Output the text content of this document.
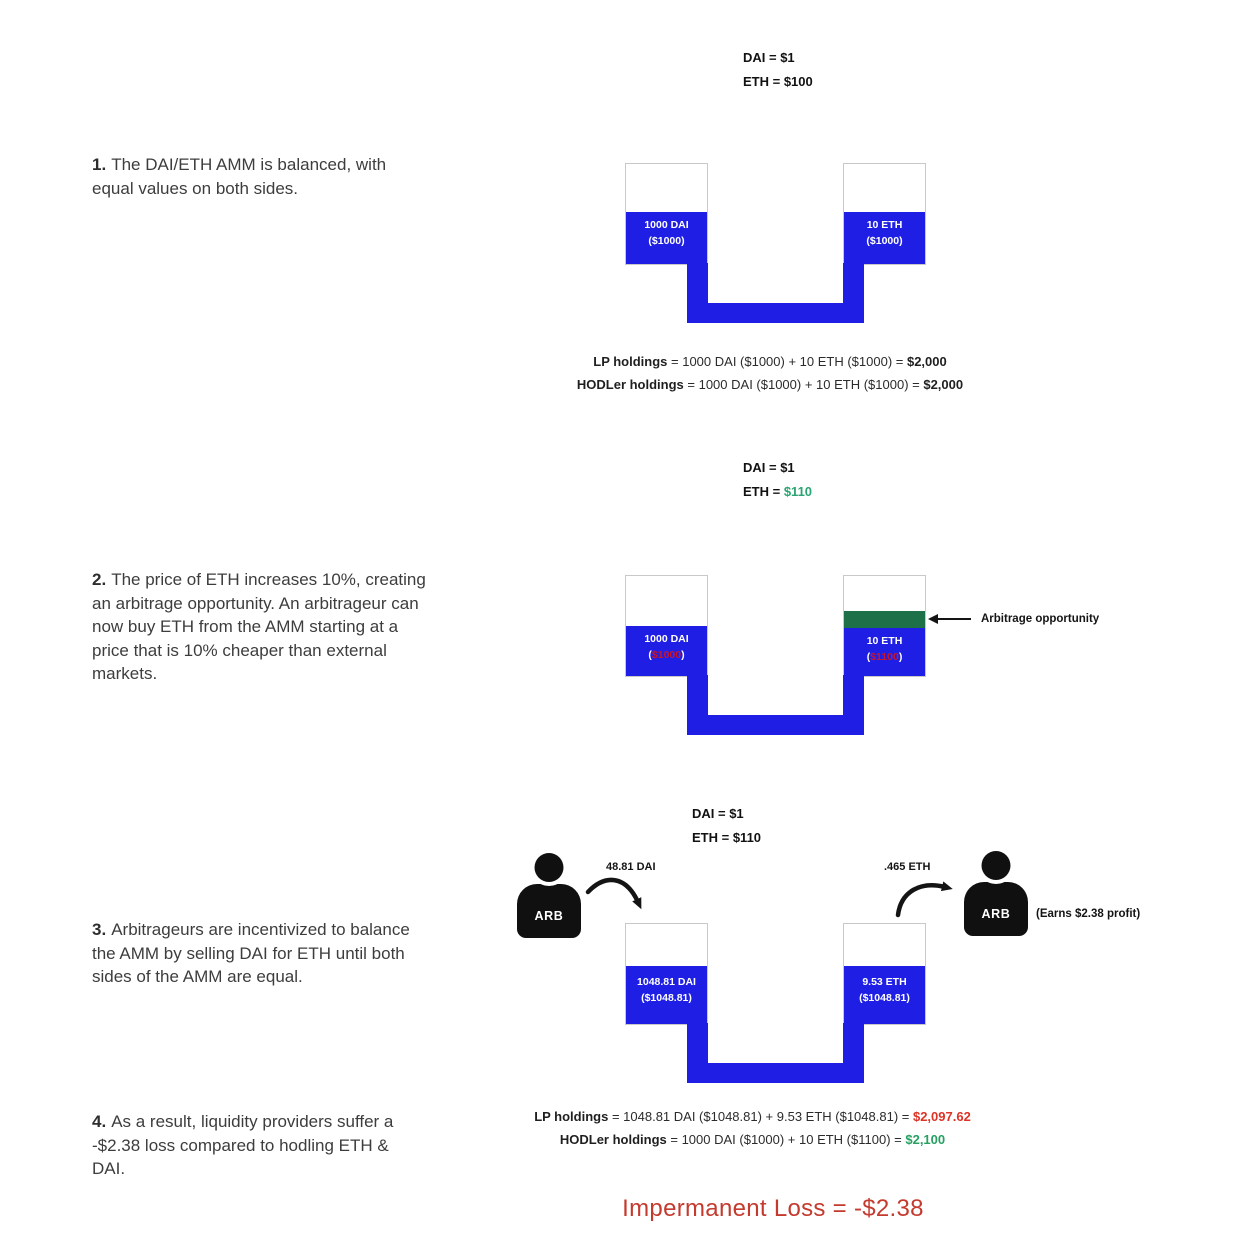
DAI = $1
ETH = $100
1. The DAI/ETH AMM is balanced, with equal values on both sides.
1000 DAI
($1000)
10 ETH
($1000)
LP holdings = 1000 DAI ($1000) + 10 ETH ($1000) = $2,000
HODLer holdings = 1000 DAI ($1000) + 10 ETH ($1000) = $2,000
DAI = $1
ETH = $110
2. The price of ETH increases 10%, creating an arbitrage opportunity. An arbitrageur can now buy ETH from the AMM starting at a price that is 10% cheaper than external markets.
1000 DAI
($1000)
10 ETH
($1100)
Arbitrage opportunity
DAI = $1
ETH = $110
3. Arbitrageurs are incentivized to balance the AMM by selling DAI for ETH until both sides of the AMM are equal.
ARB
48.81 DAI	.465 ETH
ARB (Earns $2.38 profit)
1048.81 DAI
($1048.81)
9.53 ETH
($1048.81)
4. As a result, liquidity providers suffer a -$2.38 loss compared to hodling ETH & DAI.
LP holdings = 1048.81 DAI ($1048.81) + 9.53 ETH ($1048.81) = $2,097.62
HODLer holdings = 1000 DAI ($1000) + 10 ETH ($1100) = $2,100
Impermanent Loss = -$2.38
